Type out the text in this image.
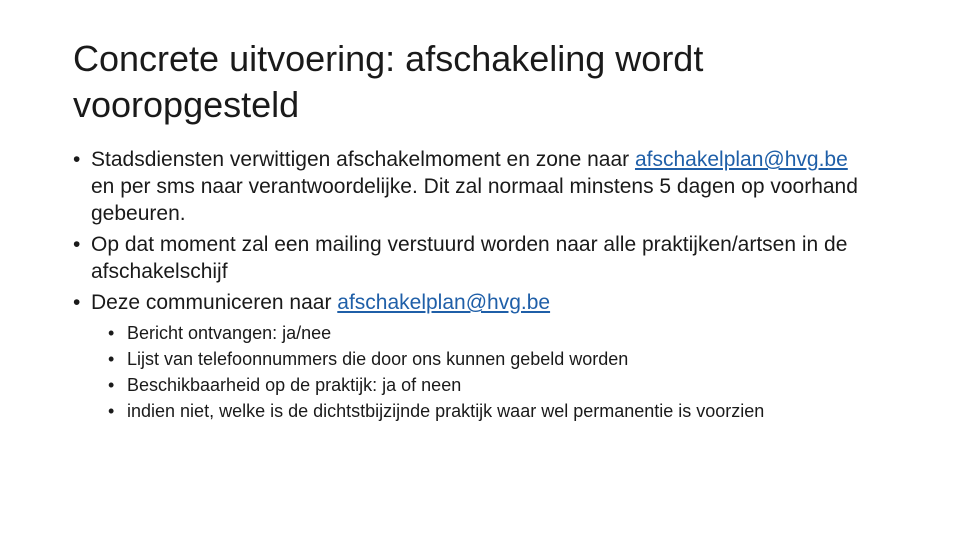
Concrete uitvoering: afschakeling wordt vooropgesteld
• Stadsdiensten verwittigen afschakelmoment en zone naar afschakelplan@hvg.be en per sms naar verantwoordelijke. Dit zal normaal minstens 5 dagen op voorhand gebeuren.
• Op dat moment zal een mailing verstuurd worden naar alle praktijken/artsen in de afschakelschijf
• Deze communiceren naar afschakelplan@hvg.be
• Bericht ontvangen: ja/nee
• Lijst van telefoonnummers die door ons kunnen gebeld worden
• Beschikbaarheid op de praktijk: ja of neen
• indien niet, welke is de dichtstbijzijnde praktijk waar wel permanentie is voorzien
